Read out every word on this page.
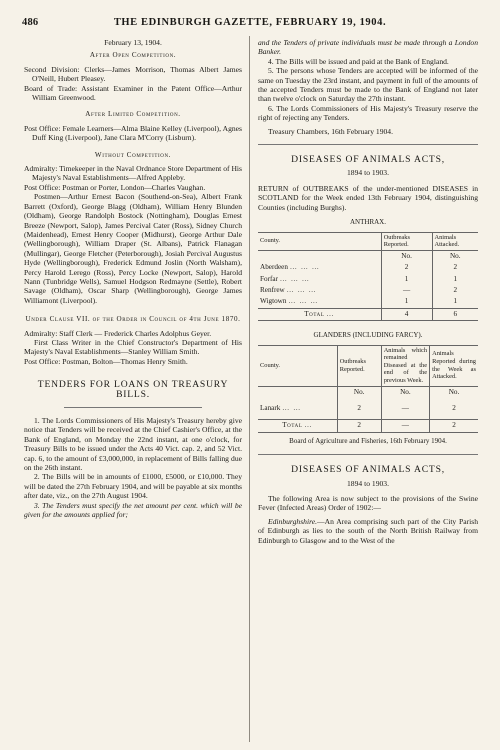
486	THE EDINBURGH GAZETTE, FEBRUARY 19, 1904.

February 13, 1904.

After Open Competition.

Second Division: Clerks—James Morrison, Thomas Albert James O'Neill, Hubert Pleasey.

Board of Trade: Assistant Examiner in the Patent Office—Arthur William Greenwood.

After Limited Competition.

Post Office: Female Learners—Alma Blaine Kelley (Liverpool), Agnes Duff King (Liverpool), Jane Clara M'Corry (Lisburn).

Without Competition.

Admiralty: Timekeeper in the Naval Ordnance Store Department of His Majesty's Naval Establishments—Alfred Appleby.

Post Office: Postman or Porter, London—Charles Vaughan.

Postmen—Arthur Ernest Bacon (Southend-on-Sea), Albert Frank Barrett (Oxford), George Blagg (Oldham), William Henry Blunden (Oldham), George Randolph Bostock (Nottingham), Douglas Ernest Breeze (Newport, Salop), James Percival Cater (Ross), Sidney Church (Maidenhead), Ernest Henry Cooper (Midhurst), George Arthur Dale (Wellingborough), William Draper (St. Albans), Patrick Flanagan (Mullingar), George Fletcher (Peterborough), Josiah Percival Augustus Hyde (Wellingborough), Frederick Edmund Joslin (North Walsham), Percy Harold Lerego (Ross), Percy Locke (Newport, Salop), Harold Nann (Tunbridge Wells), Samuel Hodgson Redmayne (Settle), Robert Savage (Oldham), Oscar Sharp (Wellingborough), George James Williamont (Liverpool).

Under Clause VII. of the Order in Council of 4th June 1870.

Admiralty: Staff Clerk — Frederick Charles Adolphus Geyer.

First Class Writer in the Chief Constructor's Department of His Majesty's Naval Establishments—Stanley William Smith.

Post Office: Postman, Bolton—Thomas Henry Smith.

TENDERS FOR LOANS ON TREASURY BILLS.

1. The Lords Commissioners of His Majesty's Treasury hereby give notice that Tenders will be received at the Chief Cashier's Office, at the Bank of England, on Monday the 22nd instant, at one o'clock, for Treasury Bills to be issued under the Acts 40 Vict. cap. 2, and 52 Vict. cap. 6, to the amount of £3,000,000, in replacement of Bills falling due on the 26th instant.

2. The Bills will be in amounts of £1000, £5000, or £10,000. They will be dated the 27th February 1904, and will be payable at six months after date, viz., on the 27th August 1904.

3. The Tenders must specify the net amount per cent. which will be given for the amounts applied for;

and the Tenders of private individuals must be made through a London Banker.

4. The Bills will be issued and paid at the Bank of England.

5. The persons whose Tenders are accepted will be informed of the same on Tuesday the 23rd instant, and payment in full of the amounts of the accepted Tenders must be made to the Bank of England not later than twelve o'clock on Saturday the 27th instant.

6. The Lords Commissioners of His Majesty's Treasury reserve the right of rejecting any Tenders.

Treasury Chambers, 16th February 1904.

DISEASES OF ANIMALS ACTS,

1894 to 1903.

RETURN of OUTBREAKS of the under-mentioned DISEASES in SCOTLAND for the Week ended 13th February 1904, distinguishing Counties (including Burghs).

ANTHRAX.

County.	Outbreaks Reported.	Animals Attacked.
	No.	No.
Aberdeen … … …	2	2
Forfar … … …	1	1
Renfrew … … …	—	2
Wigtown … … …	1	1
Total …	4	6

GLANDERS (INCLUDING FARCY).

County.	Outbreaks Reported.	Animals which remained Diseased at the end of the previous Week.	Animals Reported during the Week as Attacked.
	No.	No.	No.
Lanark … …	2	—	2
Total …	2	—	2

Board of Agriculture and Fisheries, 16th February 1904.

DISEASES OF ANIMALS ACTS,

1894 to 1903.

The following Area is now subject to the provisions of the Swine Fever (Infected Areas) Order of 1902:—

Edinburghshire.—An Area comprising such part of the City Parish of Edinburgh as lies to the south of the North British Railway from Edinburgh to Glasgow and to the West of the
